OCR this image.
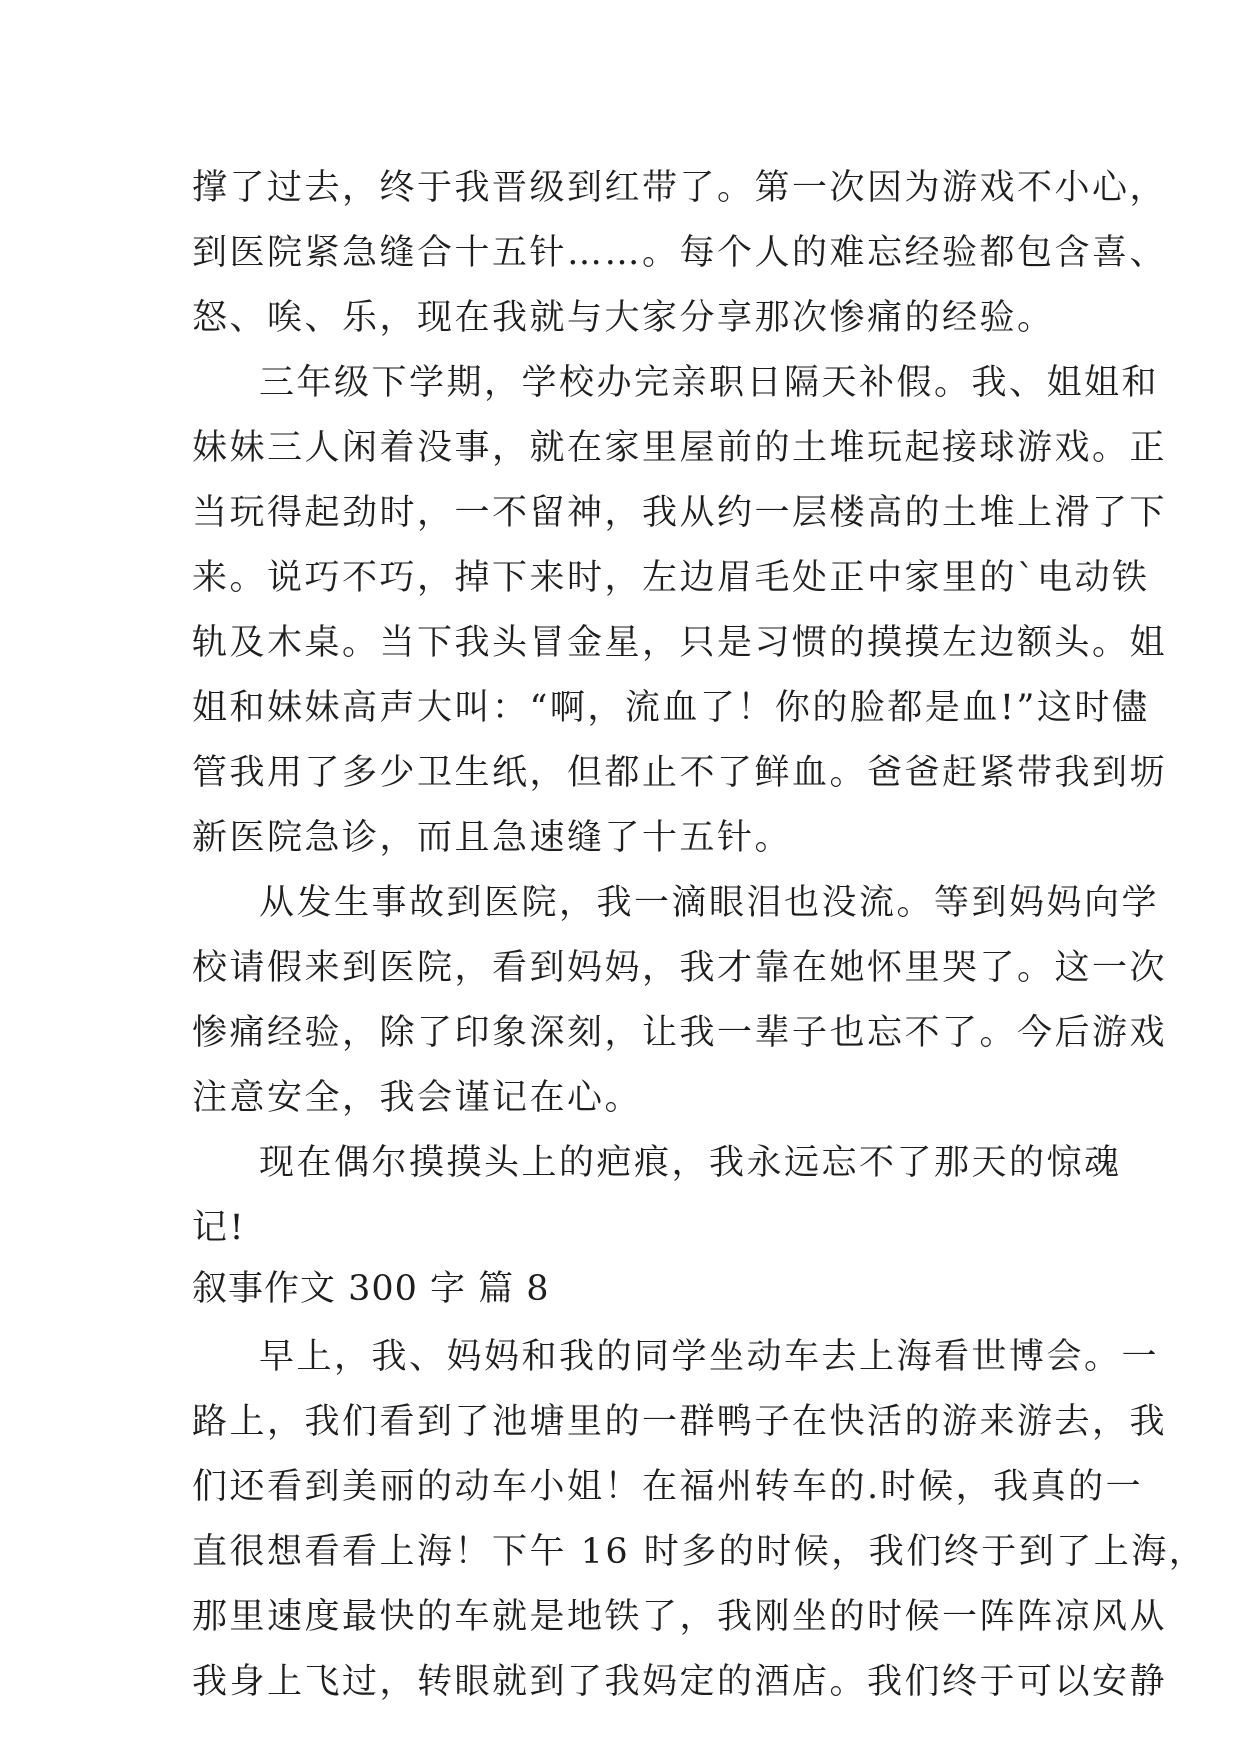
撑了过去，终于我晋级到红带了。第一次因为游戏不小心，
到医院紧急缝合十五针……。每个人的难忘经验都包含喜、
怒、唉、乐，现在我就与大家分享那次惨痛的经验。
三年级下学期，学校办完亲职日隔天补假。我、姐姐和
妹妹三人闲着没事，就在家里屋前的土堆玩起接球游戏。正
当玩得起劲时，一不留神，我从约一层楼高的土堆上滑了下
来。说巧不巧，掉下来时，左边眉毛处正中家里的`电动铁
轨及木桌。当下我头冒金星，只是习惯的摸摸左边额头。姐
姐和妹妹高声大叫：“啊，流血了！你的脸都是血!”这时儘
管我用了多少卫生纸，但都止不了鲜血。爸爸赶紧带我到坜
新医院急诊，而且急速缝了十五针。
从发生事故到医院，我一滴眼泪也没流。等到妈妈向学
校请假来到医院，看到妈妈，我才靠在她怀里哭了。这一次
惨痛经验，除了印象深刻，让我一辈子也忘不了。今后游戏
注意安全，我会谨记在心。
现在偶尔摸摸头上的疤痕，我永远忘不了那天的惊魂
记!
叙事作文 300 字 篇 8
早上，我、妈妈和我的同学坐动车去上海看世博会。一
路上，我们看到了池塘里的一群鸭子在快活的游来游去，我
们还看到美丽的动车小姐！在福州转车的.时候，我真的一
直很想看看上海！下午 16 时多的时候，我们终于到了上海，
那里速度最快的车就是地铁了，我刚坐的时候一阵阵凉风从
我身上飞过，转眼就到了我妈定的酒店。我们终于可以安静
